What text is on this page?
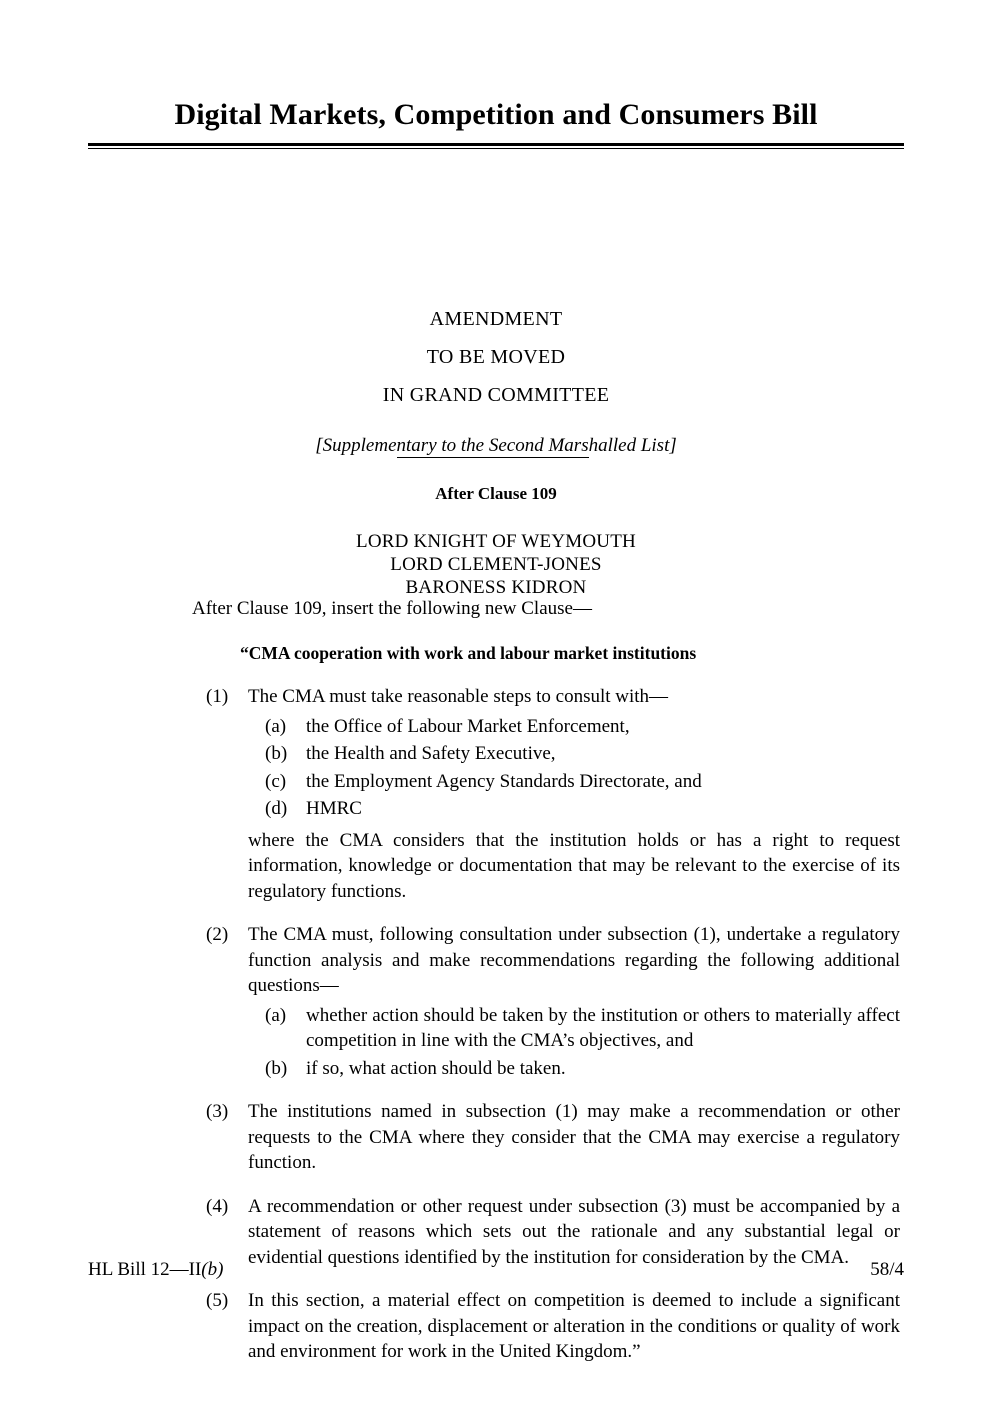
Digital Markets, Competition and Consumers Bill
AMENDMENT
TO BE MOVED
IN GRAND COMMITTEE
[Supplementary to the Second Marshalled List]
After Clause 109
LORD KNIGHT OF WEYMOUTH
LORD CLEMENT-JONES
BARONESS KIDRON
After Clause 109, insert the following new Clause—
“CMA cooperation with work and labour market institutions
(1)	The CMA must take reasonable steps to consult with—
(a)	the Office of Labour Market Enforcement,
(b) the Health and Safety Executive,
(c)	the Employment Agency Standards Directorate, and
(d) HMRC
where the CMA considers that the institution holds or has a right to request information, knowledge or documentation that may be relevant to the exercise of its regulatory functions.
(2)	The CMA must, following consultation under subsection (1), undertake a regulatory function analysis and make recommendations regarding the following additional questions—
(a)	whether action should be taken by the institution or others to materially affect competition in line with the CMA’s objectives, and
(b) if so, what action should be taken.
(3)	The institutions named in subsection (1) may make a recommendation or other requests to the CMA where they consider that the CMA may exercise a regulatory function.
(4)	A recommendation or other request under subsection (3) must be accompanied by a statement of reasons which sets out the rationale and any substantial legal or evidential questions identified by the institution for consideration by the CMA.
(5)	In this section, a material effect on competition is deemed to include a significant impact on the creation, displacement or alteration in the conditions or quality of work and environment for work in the United Kingdom.”
HL Bill 12—II(b)	58/4
